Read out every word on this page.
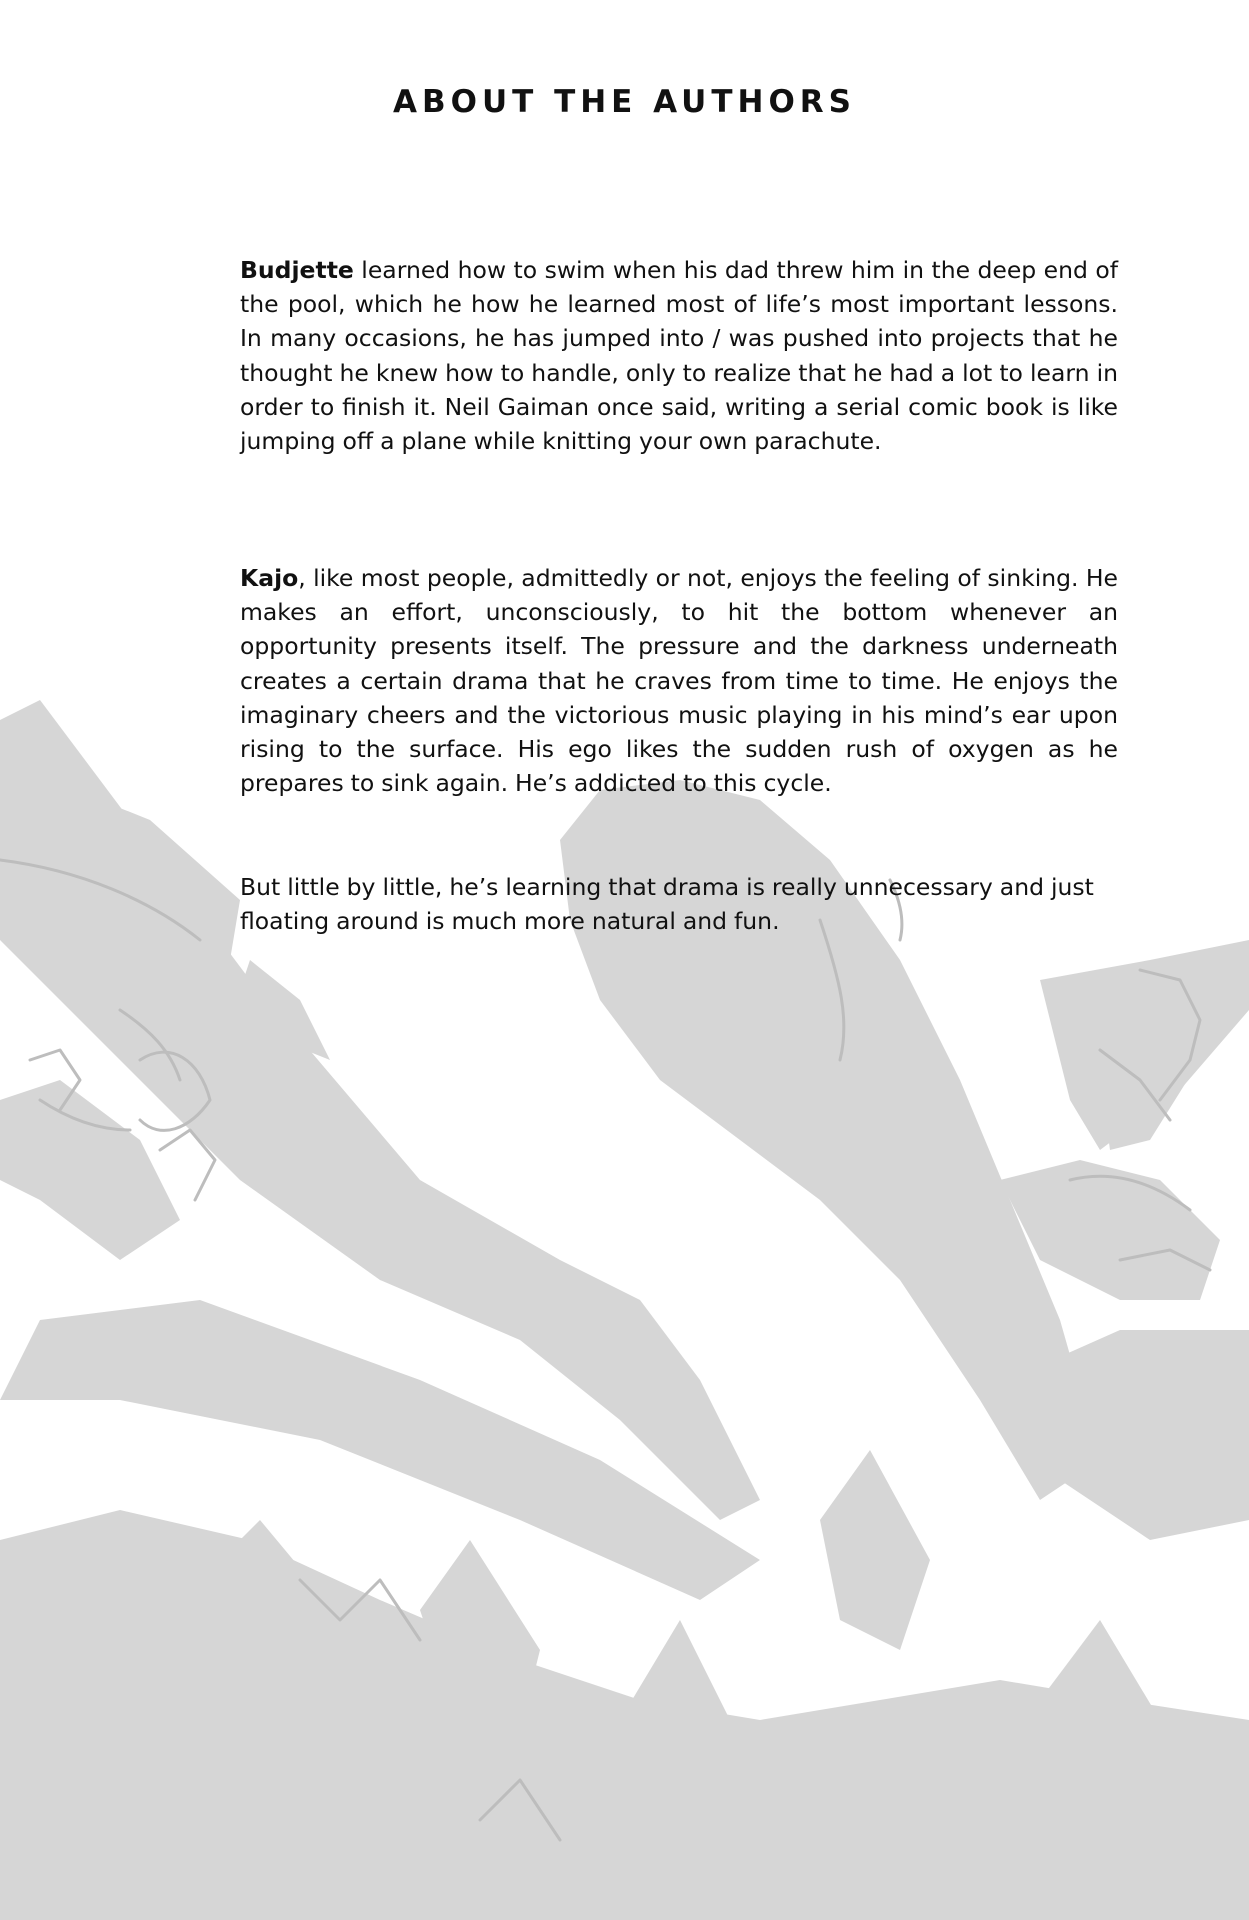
ABOUT THE AUTHORS

Budjette learned how to swim when his dad threw him in the deep end of the pool, which he how he learned most of life’s most important lessons. In many occasions, he has jumped into / was pushed into projects that he thought he knew how to handle, only to realize that he had a lot to learn in order to finish it. Neil Gaiman once said, writing a serial comic book is like jumping off a plane while knitting your own parachute.

Kajo, like most people, admittedly or not, enjoys the feeling of sinking. He makes an effort, unconsciously, to hit the bottom whenever an opportunity presents itself. The pressure and the darkness underneath creates a certain drama that he craves from time to time. He enjoys the imaginary cheers and the victorious music playing in his mind’s ear upon rising to the surface. His ego likes the sudden rush of oxygen as he prepares to sink again. He’s addicted to this cycle.

But little by little, he’s learning that drama is really unnecessary and just floating around is much more natural and fun.
